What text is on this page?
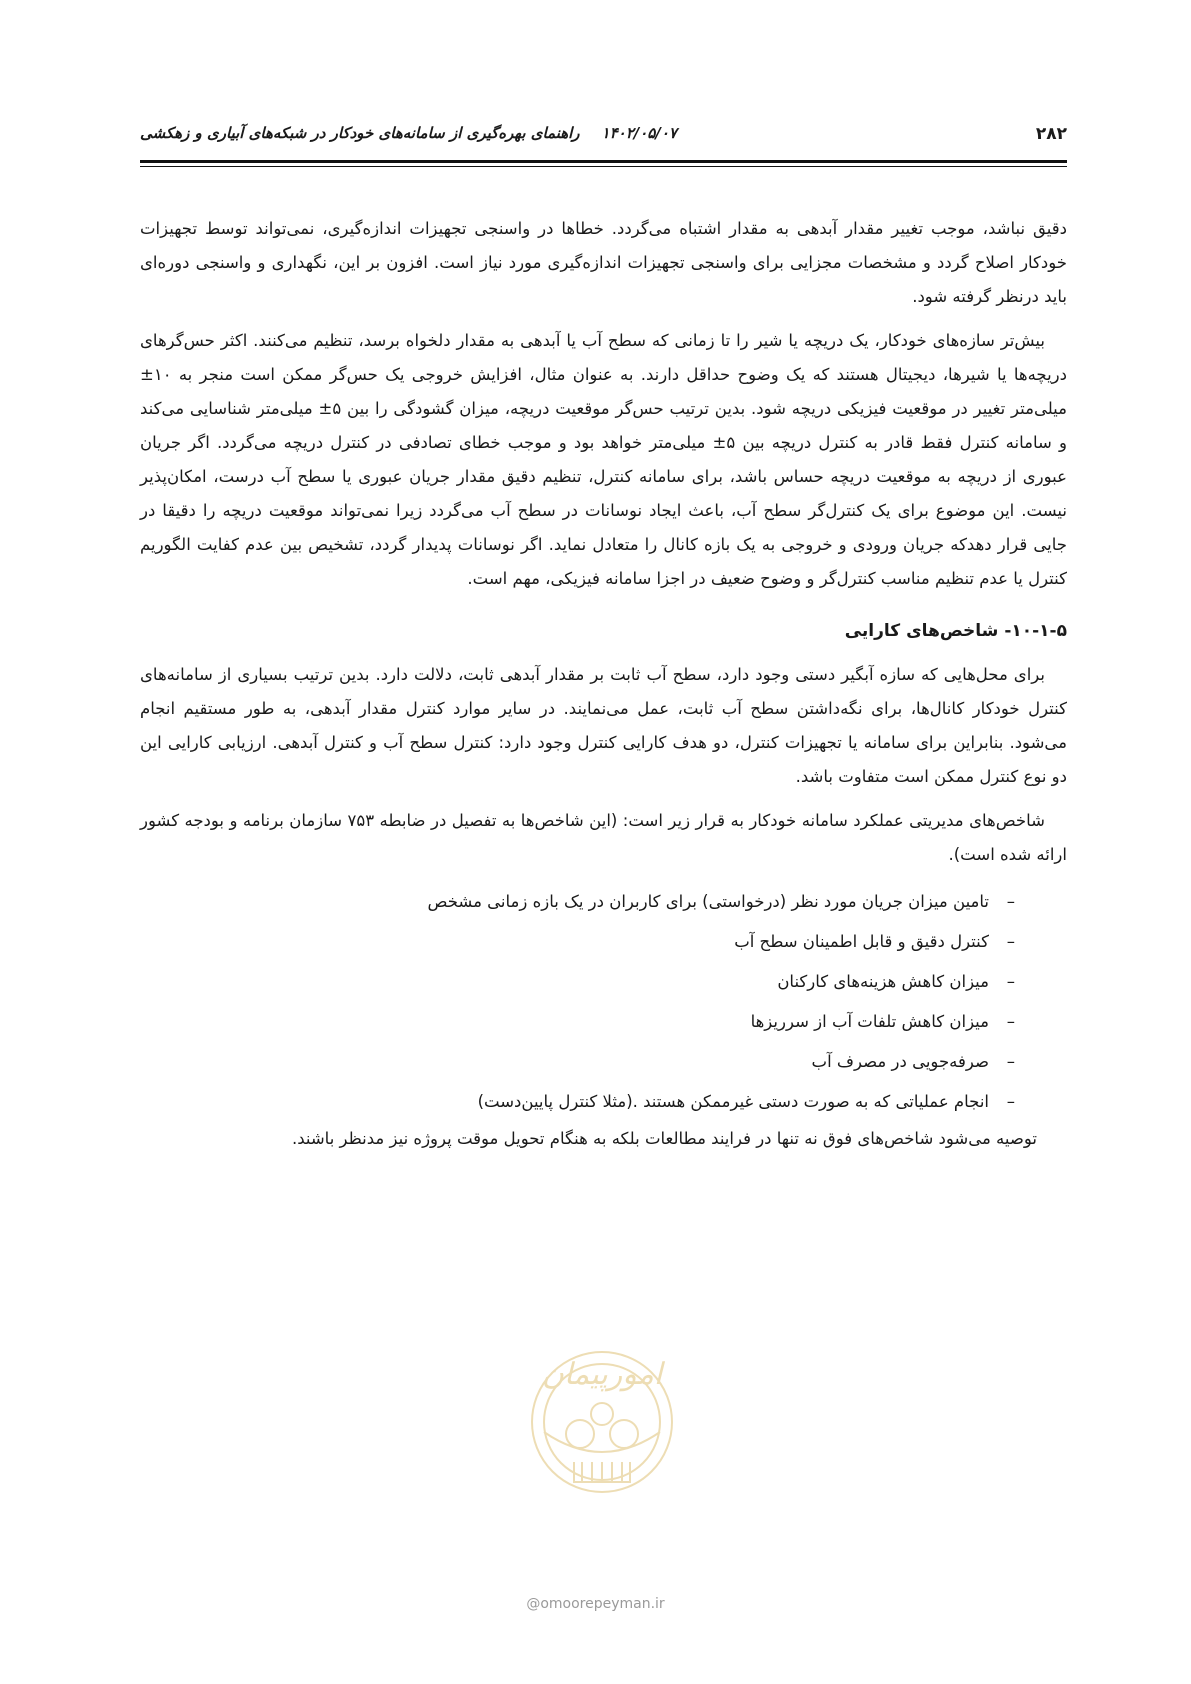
۲۸۲
۱۴۰۲/۰۵/۰۷راهنمای بهره‌گیری از سامانه‌های خودکار در شبکه‌های آبیاری و زهکشی

دقیق نباشد، موجب تغییر مقدار آبدهی به مقدار اشتباه می‌گردد. خطاها در واسنجی تجهیزات اندازه‌گیری، نمی‌تواند توسط تجهیزات خودکار اصلاح گردد و مشخصات مجزایی برای واسنجی تجهیزات اندازه‌گیری مورد نیاز است. افزون بر این، نگهداری و واسنجی دوره‌ای باید درنظر گرفته شود.

بیش‌تر سازه‌های خودکار، یک دریچه یا شیر را تا زمانی که سطح آب یا آبدهی به مقدار دلخواه برسد، تنظیم می‌کنند. اکثر حس‌گرهای دریچه‌ها یا شیرها، دیجیتال هستند که یک وضوح حداقل دارند. به عنوان مثال، افزایش خروجی یک حس‌گر ممکن است منجر به ۱۰± میلی‌متر تغییر در موقعیت فیزیکی دریچه شود. بدین ترتیب حس‌گر موقعیت دریچه، میزان گشودگی را بین ۵± میلی‌متر شناسایی می‌کند و سامانه کنترل فقط قادر به کنترل دریچه بین ۵± میلی‌متر خواهد بود و موجب خطای تصادفی در کنترل دریچه می‌گردد. اگر جریان عبوری از دریچه به موقعیت دریچه حساس باشد، برای سامانه کنترل، تنظیم دقیق مقدار جریان عبوری یا سطح آب درست، امکان‌پذیر نیست. این موضوع برای یک کنترل‌گر سطح آب، باعث ایجاد نوسانات در سطح آب می‌گردد زیرا نمی‌تواند موقعیت دریچه را دقیقا در جایی قرار دهدکه جریان ورودی و خروجی به یک بازه کانال را متعادل نماید. اگر نوسانات پدیدار گردد، تشخیص بین عدم کفایت الگوریم کنترل یا عدم تنظیم مناسب کنترل‌گر و وضوح ضعیف در اجزا سامانه فیزیکی، مهم است.

۱۰-۱-۵- شاخص‌های کارایی

برای محل‌هایی که سازه آبگیر دستی وجود دارد، سطح آب ثابت بر مقدار آبدهی ثابت، دلالت دارد. بدین ترتیب بسیاری از سامانه‌های کنترل خودکار کانال‌ها، برای نگه‌داشتن سطح آب ثابت، عمل می‌نمایند. در سایر موارد کنترل مقدار آبدهی، به طور مستقیم انجام می‌شود. بنابراین برای سامانه یا تجهیزات کنترل، دو هدف کارایی کنترل وجود دارد: کنترل سطح آب و کنترل آبدهی. ارزیابی کارایی این دو نوع کنترل ممکن است متفاوت باشد.

شاخص‌های مدیریتی عملکرد سامانه خودکار به قرار زیر است: (این شاخص‌ها به تفصیل در ضابطه ۷۵۳ سازمان برنامه و بودجه کشور ارائه شده است).

–تامین میزان جریان مورد نظر (درخواستی) برای کاربران در یک بازه زمانی مشخص
–کنترل دقیق و قابل اطمینان سطح آب
–میزان کاهش هزینه‌های کارکنان
–میزان کاهش تلفات آب از سرریزها
–صرفه‌جویی در مصرف آب
–انجام عملیاتی که به صورت دستی غیرممکن هستند .(مثلا کنترل پایین‌دست)

توصیه می‌شود شاخص‌های فوق نه تنها در فرایند مطالعات بلکه به هنگام تحویل موقت پروژه نیز مدنظر باشند.

امورپیمان
@omoorepeyman.ir
